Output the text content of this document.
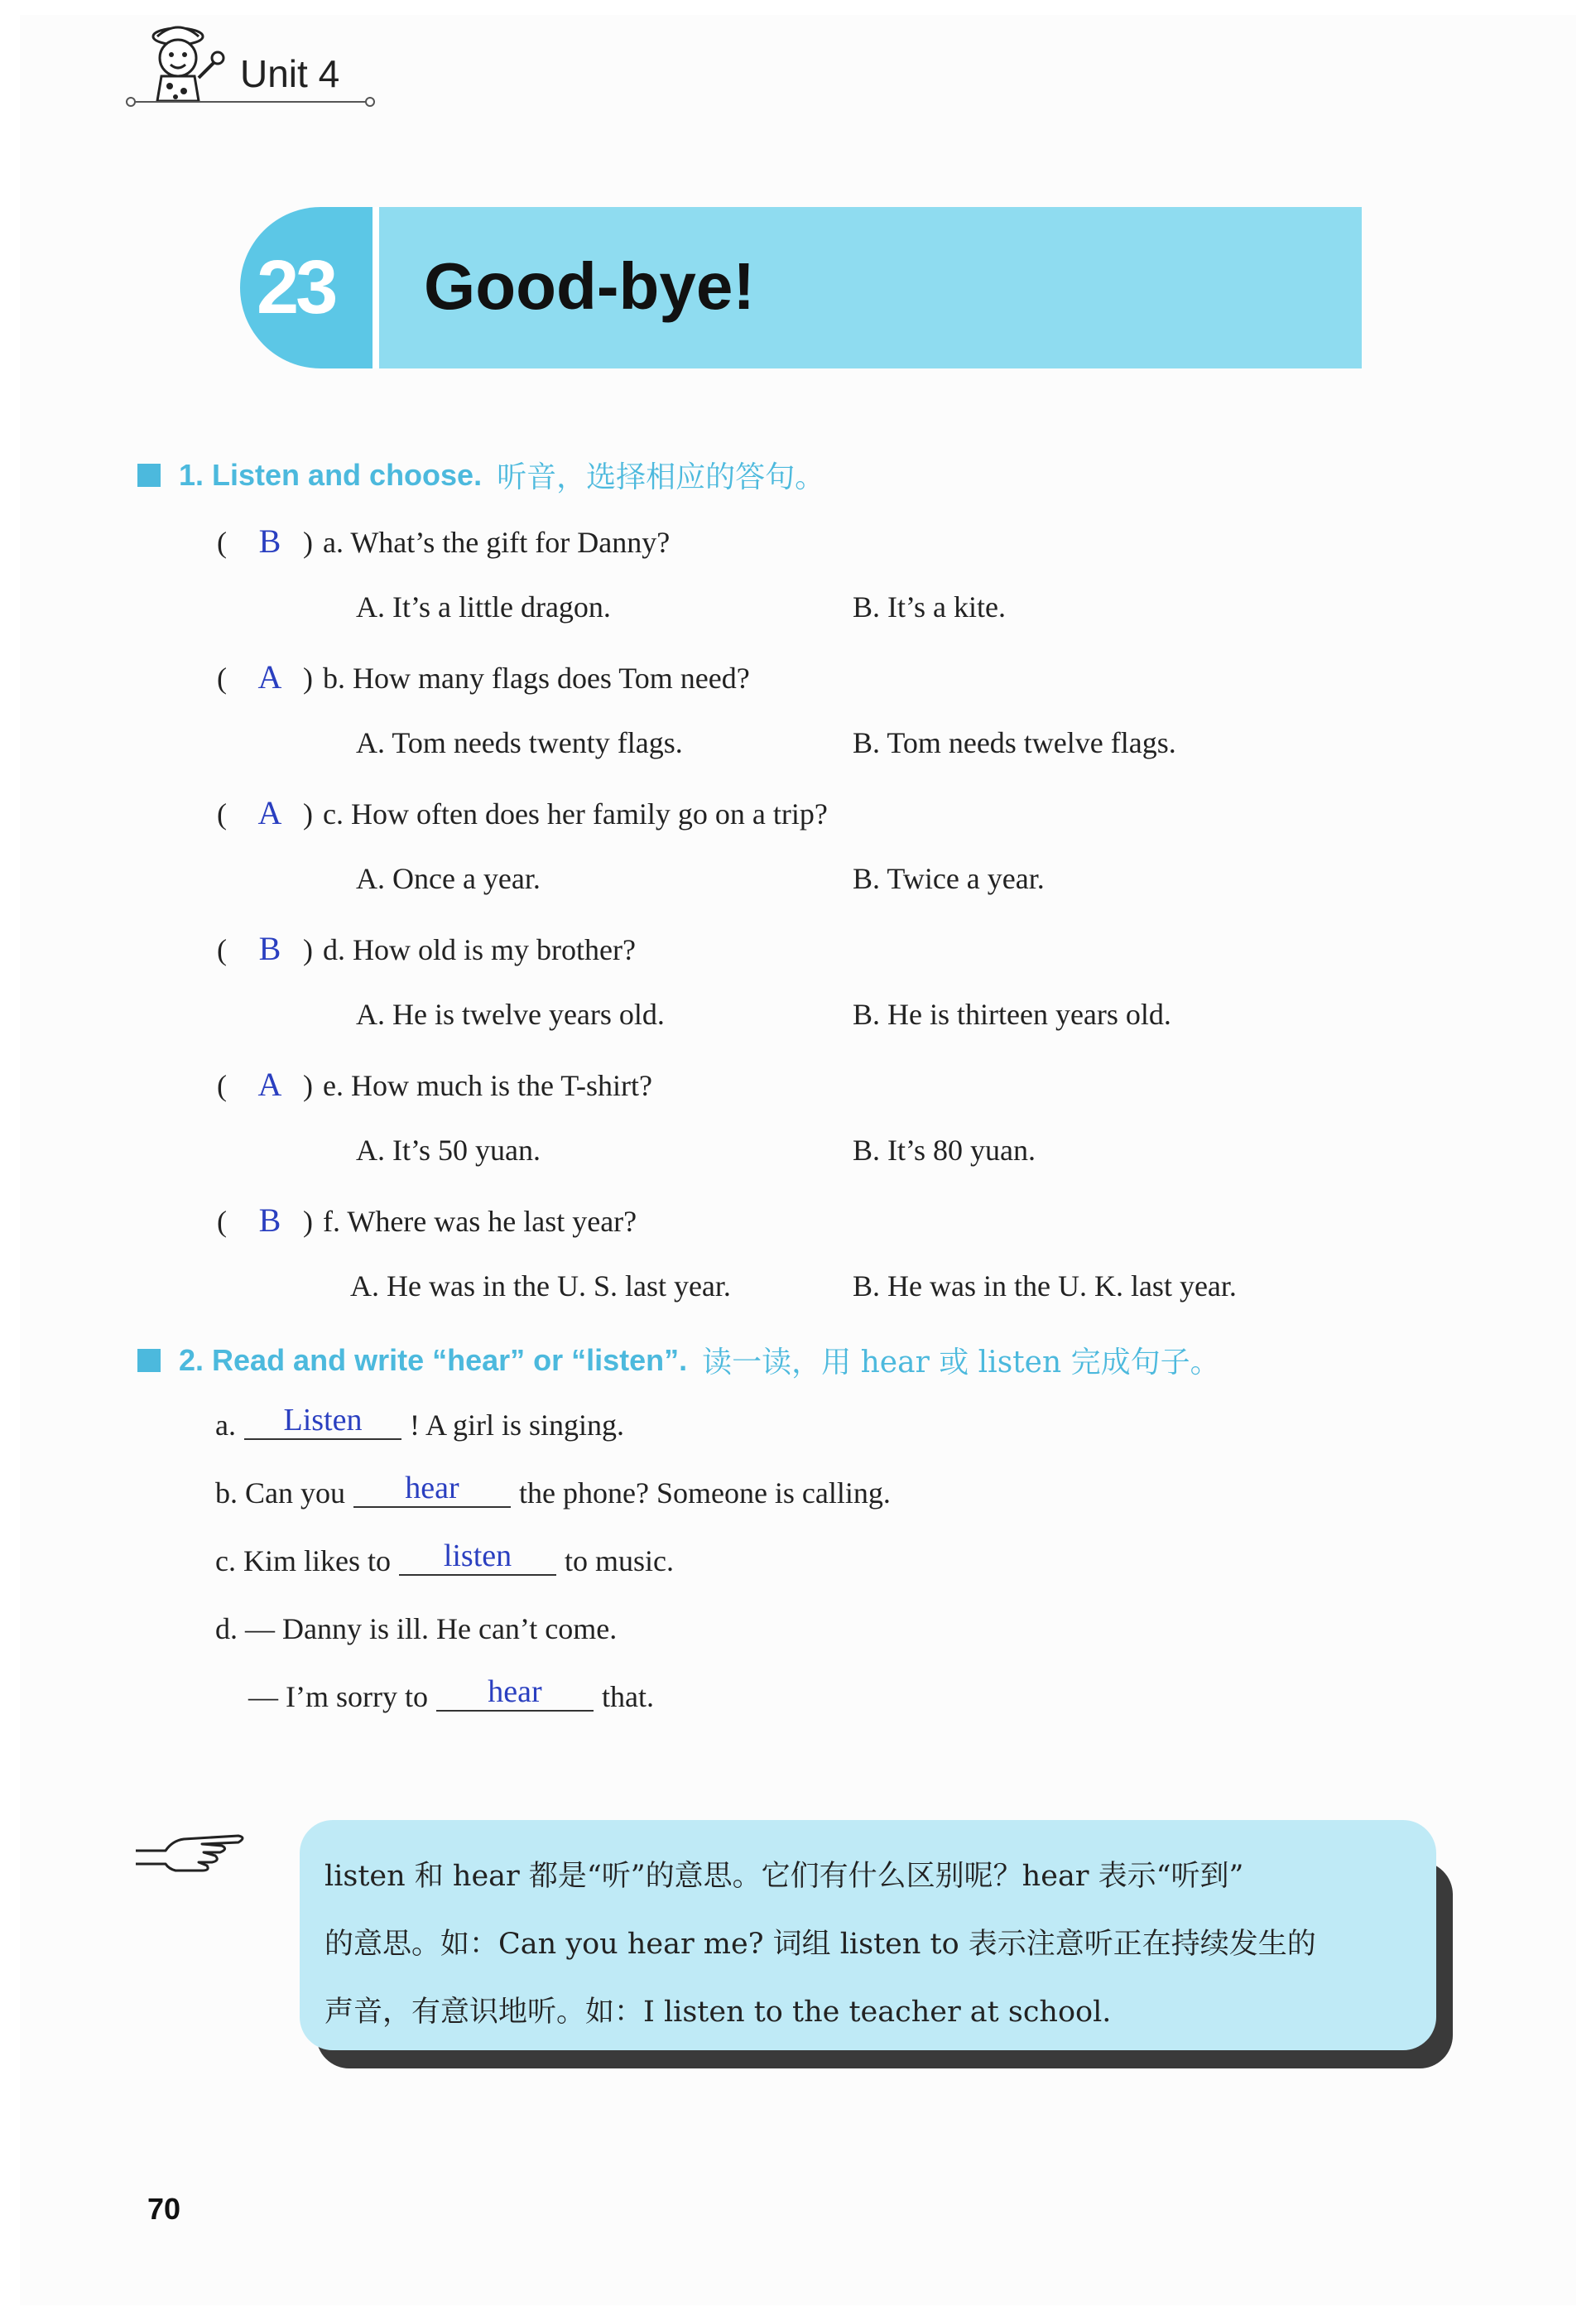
Unit 4
23 Good-bye!
1. Listen and choose. 听音，选择相应的答句。
( B ) a. What’s the gift for Danny?
A. It’s a little dragon.	B. It’s a kite.
( A ) b. How many flags does Tom need?
A. Tom needs twenty flags.	B. Tom needs twelve flags.
( A ) c. How often does her family go on a trip?
A. Once a year.	B. Twice a year.
( B ) d. How old is my brother?
A. He is twelve years old.	B. He is thirteen years old.
( A ) e. How much is the T-shirt?
A. It’s 50 yuan.	B. It’s 80 yuan.
( B ) f. Where was he last year?
A. He was in the U. S. last year.	B. He was in the U. K. last year.
2. Read and write “hear” or “listen”. 读一读，用 hear 或 listen 完成句子。
a.	Listen	! A girl is singing.
b. Can you	hear	the phone? Someone is calling.
c. Kim likes to	listen	to music.
d. — Danny is ill. He can’t come.
— I’m sorry to	hear	that.
listen 和 hear 都是“听”的意思。它们有什么区别呢？hear 表示“听到”
的意思。如：Can you hear me? 词组 listen to 表示注意听正在持续发生的
声音，有意识地听。如：I listen to the teacher at school.
70
